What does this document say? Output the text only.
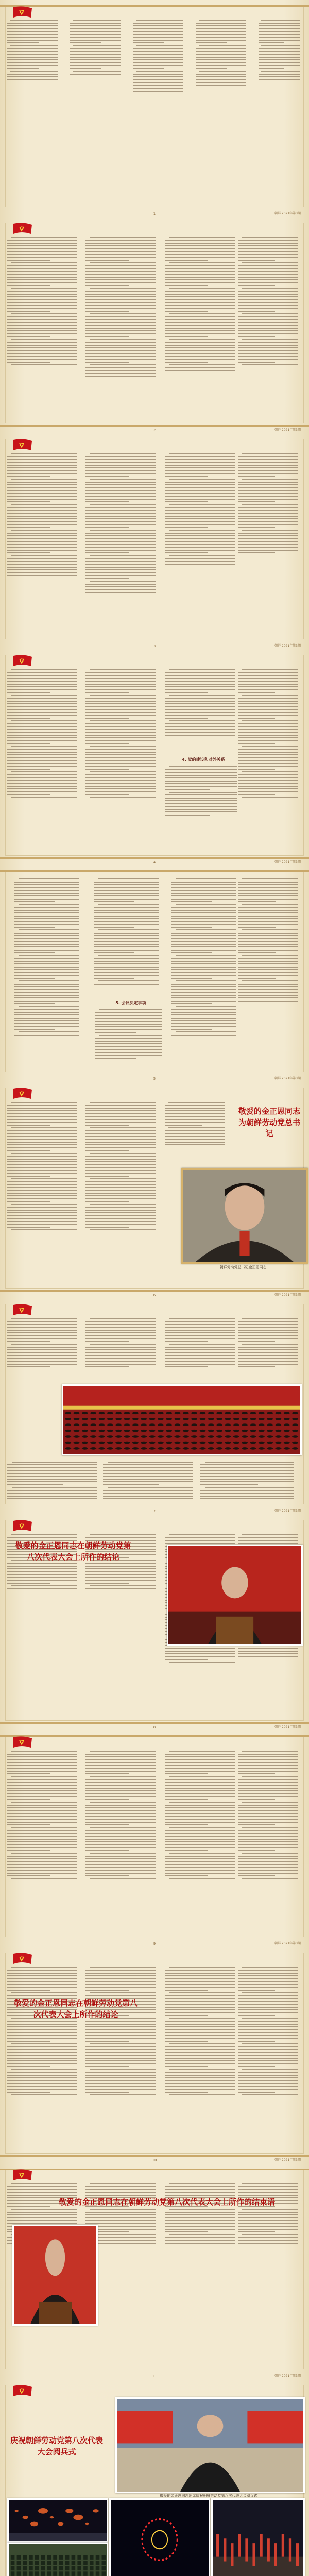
朝鲜 2021年第3期
1
朝鲜 2021年第3期
2
朝鲜 2021年第3期
3
朝鲜 2021年第3期
4
4. 党的建设和对外关系
朝鲜 2021年第3期
5
5. 会议决定事项
朝鲜 2021年第3期
6
敬爱的金正恩同志为朝鲜劳动党总书记
朝鲜劳动党总书记金正恩同志
朝鲜 2021年第3期
7
朝鲜 2021年第3期
8
敬爱的金正恩同志在朝鲜劳动党第八次代表大会上所作的结论
朝鲜 2021年第3期
9
朝鲜 2021年第3期
10
敬爱的金正恩同志在朝鲜劳动党第八次代表大会上所作的结论
朝鲜 2021年第3期
11
敬爱的金正恩同志在朝鲜劳动党第八次代表大会上所作的结束语
庆祝朝鲜劳动党第八次代表大会阅兵式
敬爱的金正恩同志出席庆祝朝鲜劳动党第八次代表大会阅兵式
